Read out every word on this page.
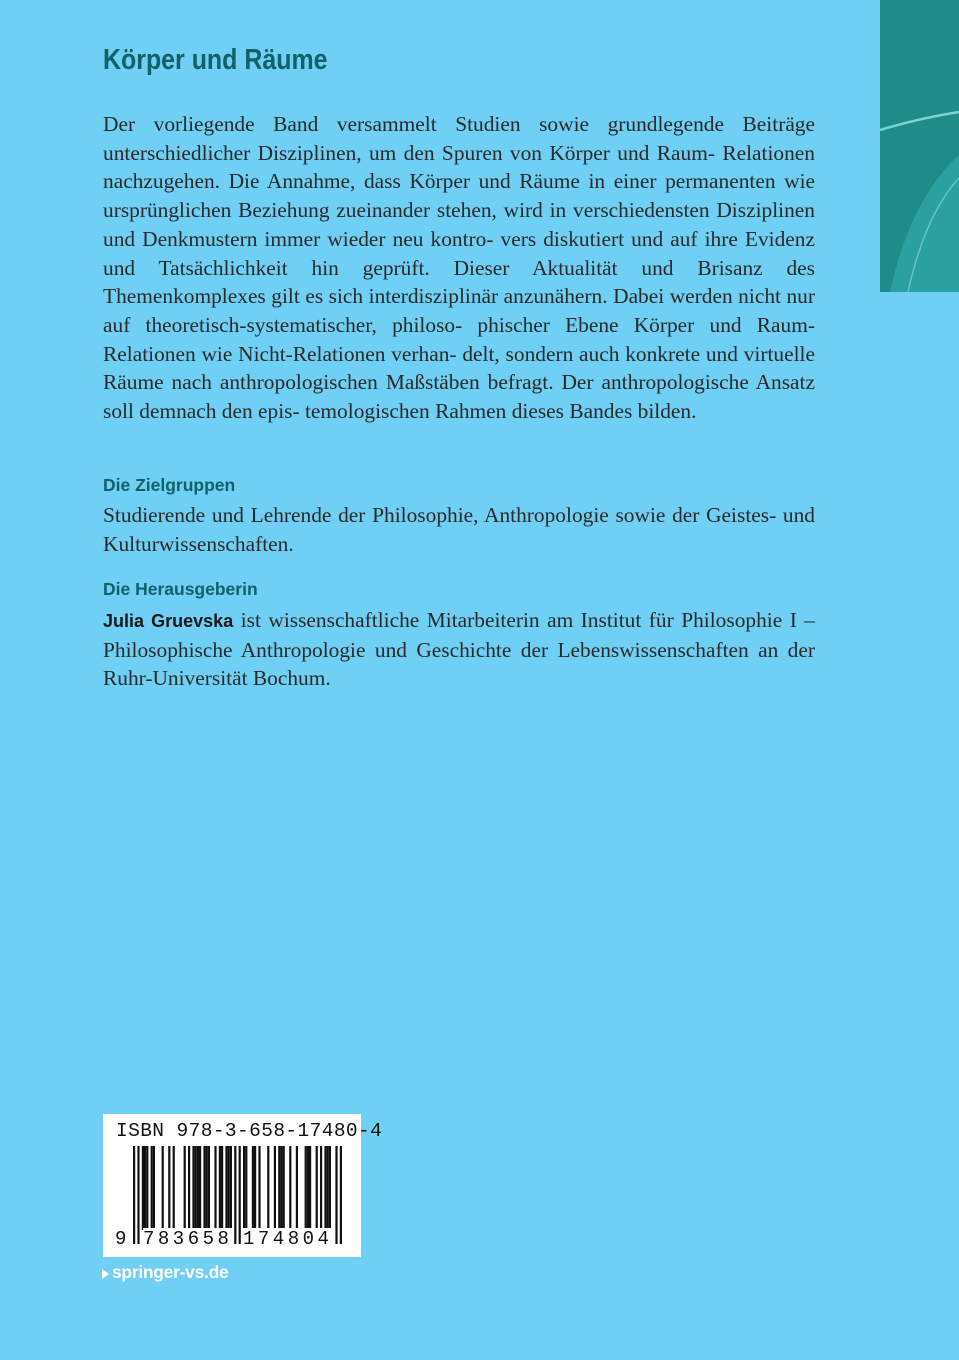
Körper und Räume

Der vorliegende Band versammelt Studien sowie grundlegende Beiträge unterschiedlicher Disziplinen, um den Spuren von Körper und Raum- Relationen nachzugehen. Die Annahme, dass Körper und Räume in einer permanenten wie ursprünglichen Beziehung zueinander stehen, wird in verschiedensten Disziplinen und Denkmustern immer wieder neu kontro- vers diskutiert und auf ihre Evidenz und Tatsächlichkeit hin geprüft. Dieser Aktualität und Brisanz des Themenkomplexes gilt es sich interdisziplinär anzunähern. Dabei werden nicht nur auf theoretisch-systematischer, philoso- phischer Ebene Körper und Raum-Relationen wie Nicht-Relationen verhan- delt, sondern auch konkrete und virtuelle Räume nach anthropologischen Maßstäben befragt. Der anthropologische Ansatz soll demnach den epis- temologischen Rahmen dieses Bandes bilden.

Die Zielgruppen

Studierende und Lehrende der Philosophie, Anthropologie sowie der Geistes- und Kulturwissenschaften.

Die Herausgeberin

Julia Gruevska ist wissenschaftliche Mitarbeiterin am Institut für Philosophie I – Philosophische Anthropologie und Geschichte der Lebenswissenschaften an der Ruhr-Universität Bochum.

ISBN 978-3-658-17480-4
9 783658 174804
springer-vs.de
